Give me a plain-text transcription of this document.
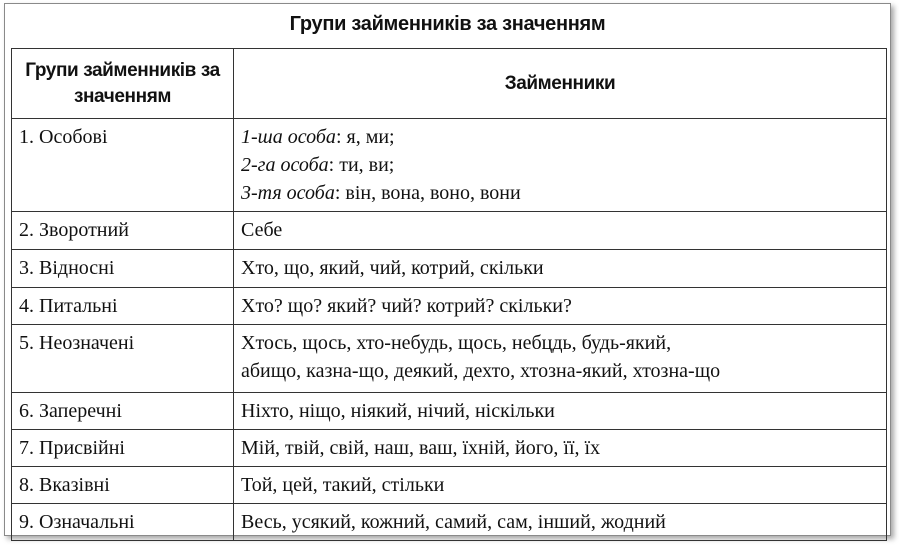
Групи займенників за значенням
Групи займенників за значенням	Займенники
1. Особові	1-ша особа: я, ми;
2-га особа: ти, ви;
3-тя особа: він, вона, воно, вони

2. Зворотний	Себе
3. Відносні	Хто, що, який, чий, котрий, скільки
4. Питальні	Хто? що? який? чий? котрий? скільки?
5. Неозначені	Хтось, щось, хто-небудь, щось, небцдь, будь-який,
абищо, казна-що, деякий, дехто, хтозна-який, хтозна-що

6. Заперечні	Ніхто, ніщо, ніякий, нічий, ніскільки
7. Присвійні	Мій, твій, свій, наш, ваш, їхній, його, її, їх
8. Вказівні	Той, цей, такий, стільки
9. Означальні	Весь, усякий, кожний, самий, сам, інший, жодний
